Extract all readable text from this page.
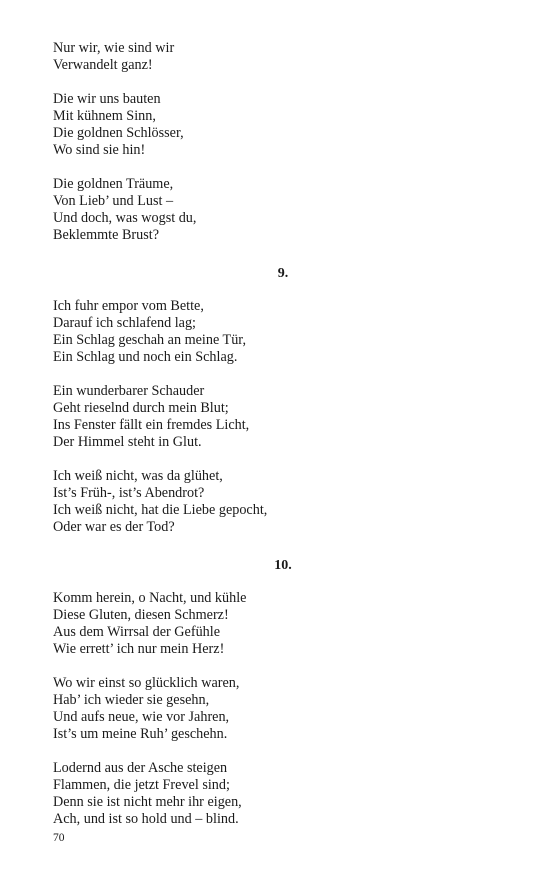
Nur wir, wie sind wir
Verwandelt ganz!
Die wir uns bauten
Mit kühnem Sinn,
Die goldnen Schlösser,
Wo sind sie hin!
Die goldnen Träume,
Von Lieb’ und Lust –
Und doch, was wogst du,
Beklemmte Brust?
9.
Ich fuhr empor vom Bette,
Darauf ich schlafend lag;
Ein Schlag geschah an meine Tür,
Ein Schlag und noch ein Schlag.
Ein wunderbarer Schauder
Geht rieselnd durch mein Blut;
Ins Fenster fällt ein fremdes Licht,
Der Himmel steht in Glut.
Ich weiß nicht, was da glühet,
Ist’s Früh-, ist’s Abendrot?
Ich weiß nicht, hat die Liebe gepocht,
Oder war es der Tod?
10.
Komm herein, o Nacht, und kühle
Diese Gluten, diesen Schmerz!
Aus dem Wirrsal der Gefühle
Wie errett’ ich nur mein Herz!
Wo wir einst so glücklich waren,
Hab’ ich wieder sie gesehn,
Und aufs neue, wie vor Jahren,
Ist’s um meine Ruh’ geschehn.
Lodernd aus der Asche steigen
Flammen, die jetzt Frevel sind;
Denn sie ist nicht mehr ihr eigen,
Ach, und ist so hold und – blind.
70
